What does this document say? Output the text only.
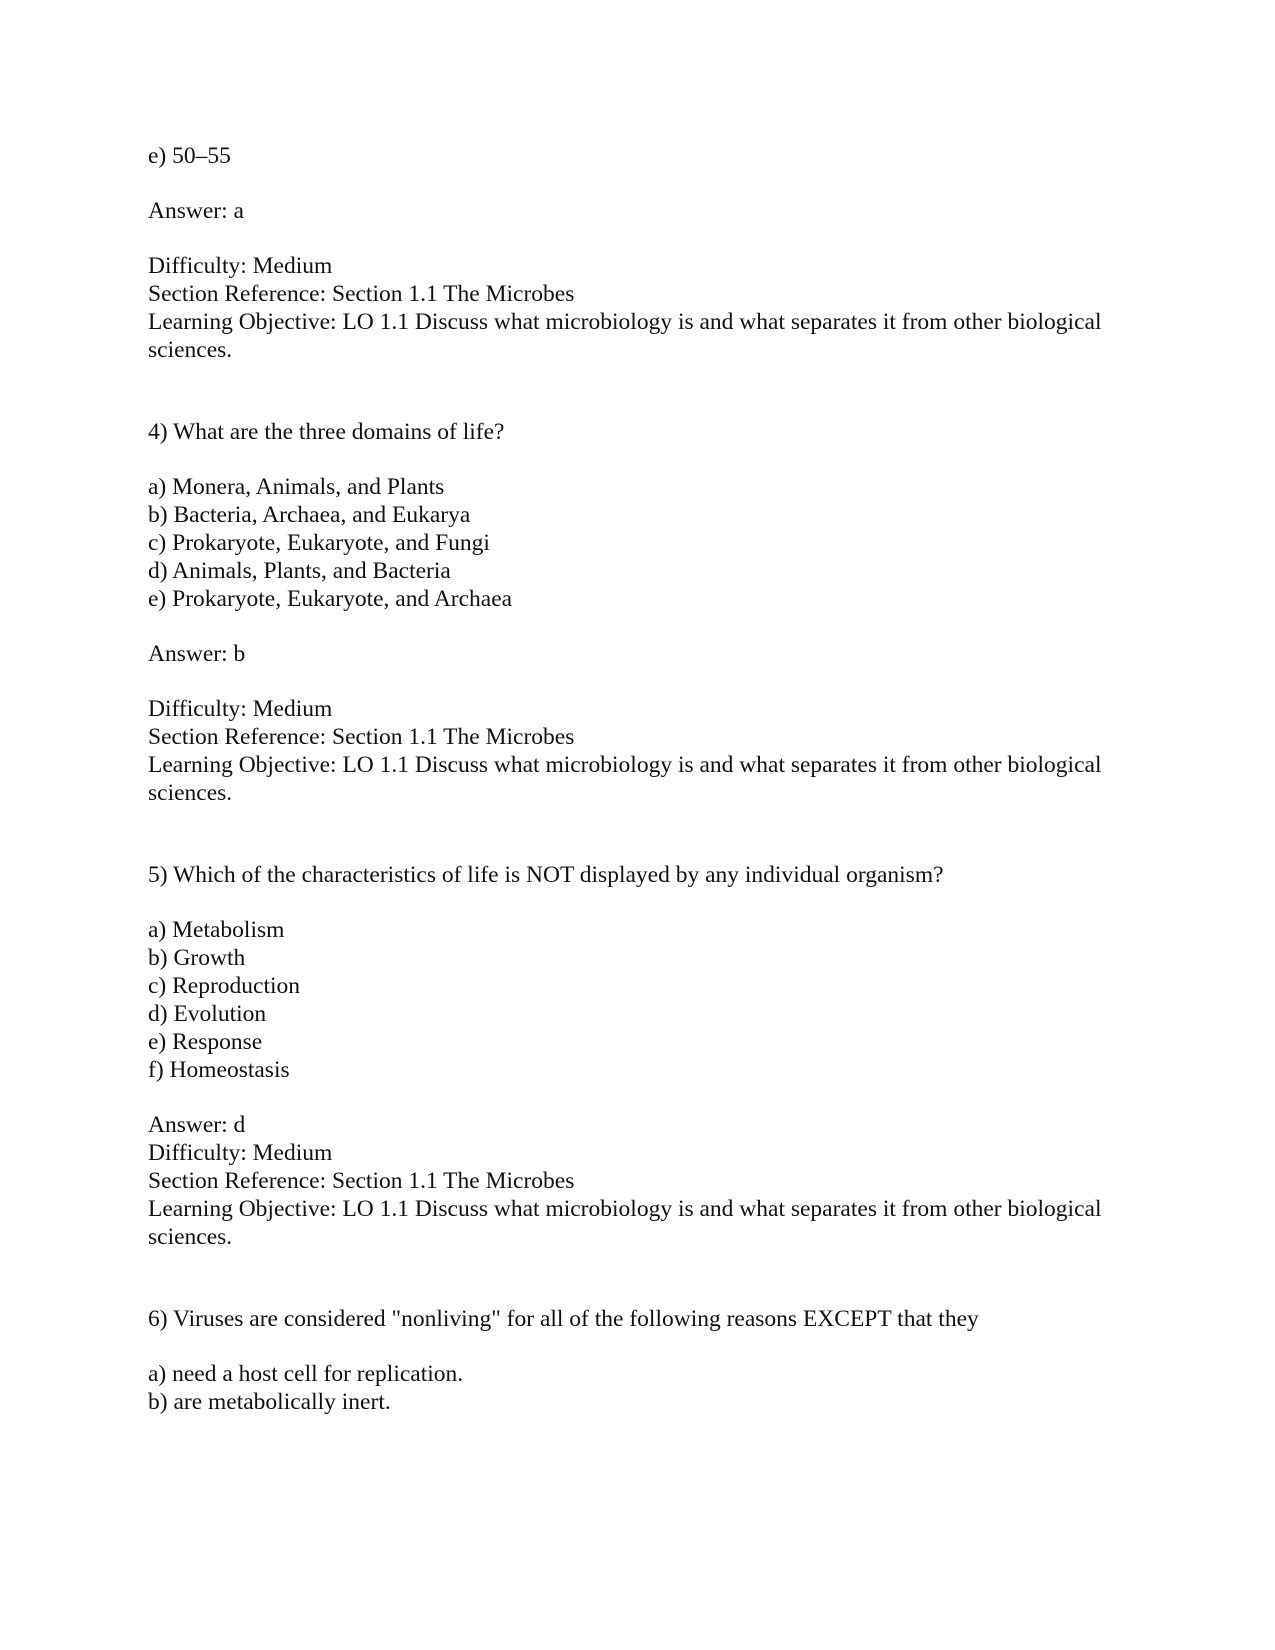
e) 50–55
Answer: a
Difficulty: Medium
Section Reference: Section 1.1 The Microbes
Learning Objective: LO 1.1 Discuss what microbiology is and what separates it from other biological sciences.
4) What are the three domains of life?
a) Monera, Animals, and Plants
b) Bacteria, Archaea, and Eukarya
c) Prokaryote, Eukaryote, and Fungi
d) Animals, Plants, and Bacteria
e) Prokaryote, Eukaryote, and Archaea
Answer: b
Difficulty: Medium
Section Reference: Section 1.1 The Microbes
Learning Objective: LO 1.1 Discuss what microbiology is and what separates it from other biological sciences.
5) Which of the characteristics of life is NOT displayed by any individual organism?
a) Metabolism
b) Growth
c) Reproduction
d) Evolution
e) Response
f) Homeostasis
Answer: d
Difficulty: Medium
Section Reference: Section 1.1 The Microbes
Learning Objective: LO 1.1 Discuss what microbiology is and what separates it from other biological sciences.
6) Viruses are considered "nonliving" for all of the following reasons EXCEPT that they
a) need a host cell for replication.
b) are metabolically inert.
